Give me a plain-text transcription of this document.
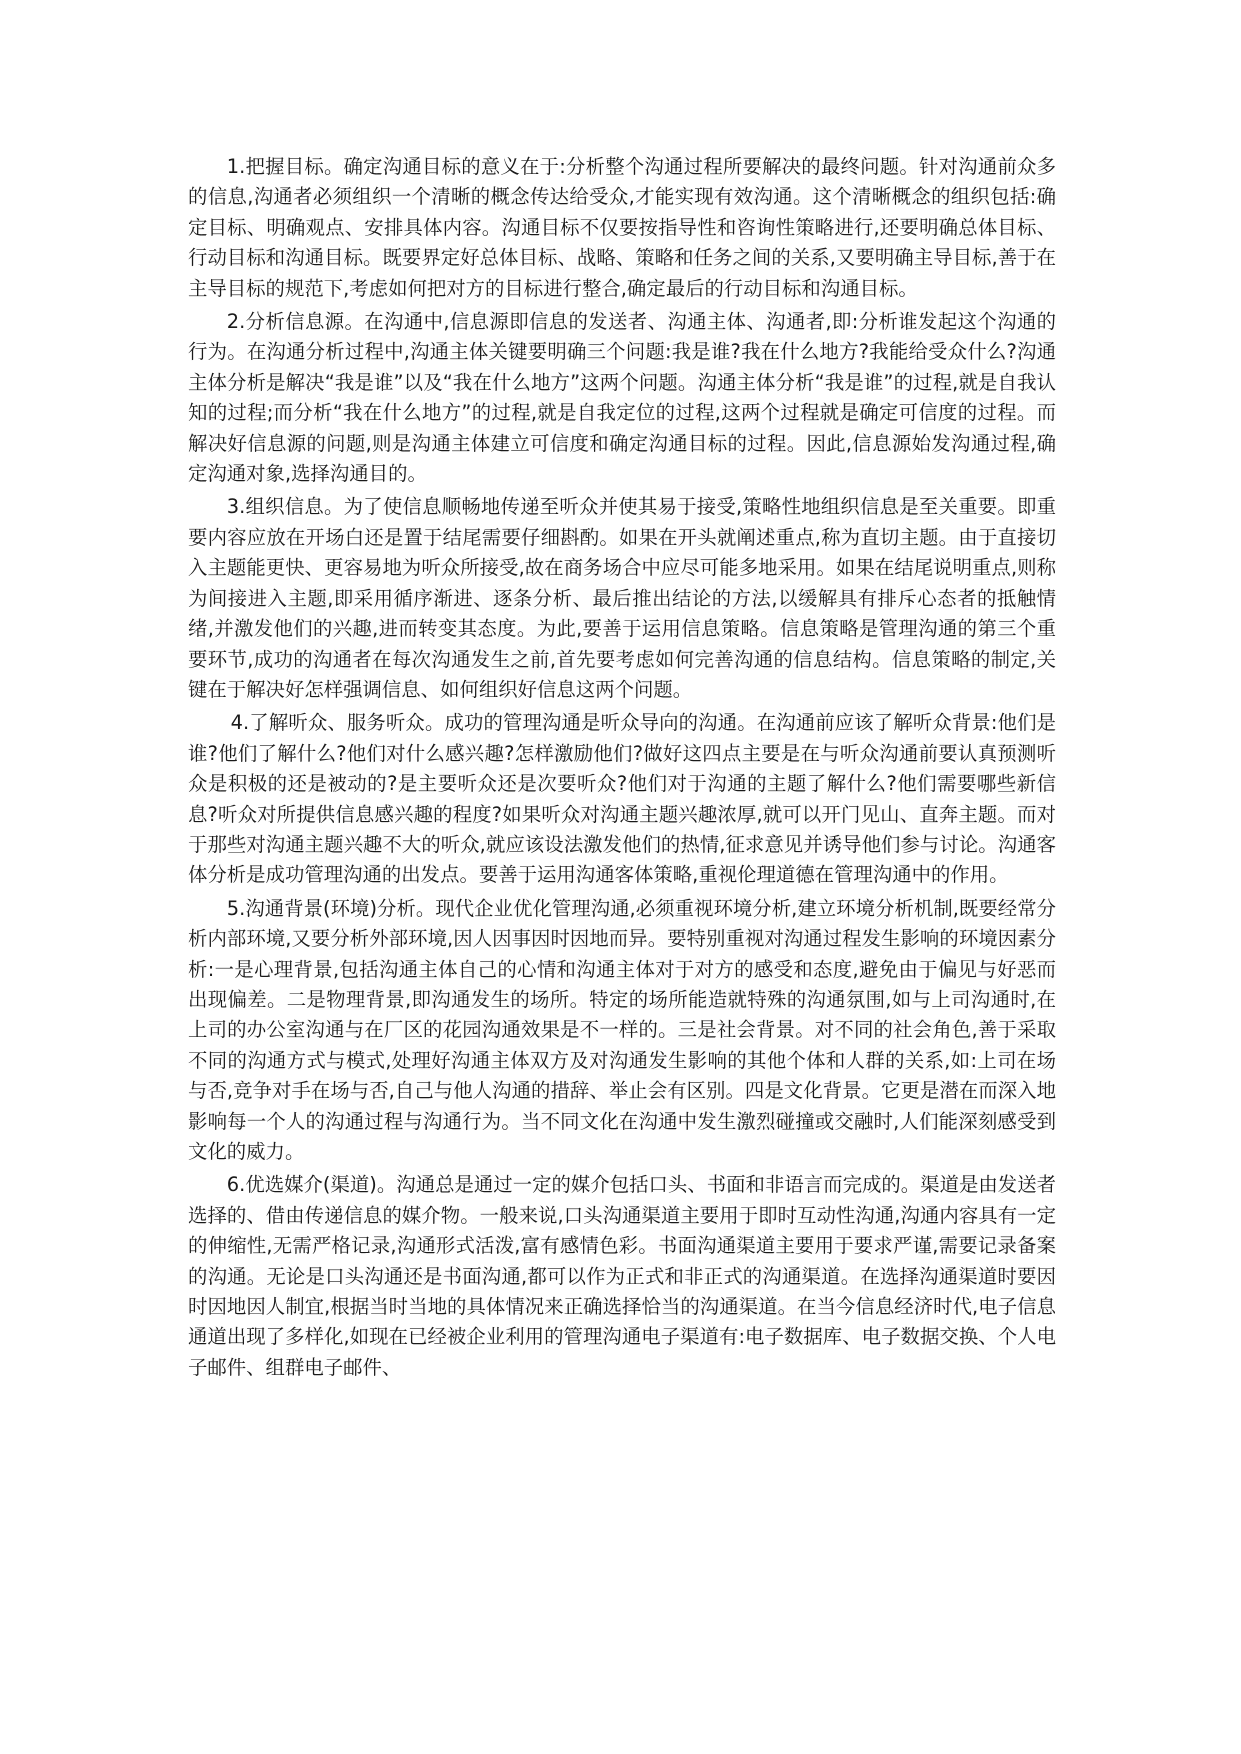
1.把握目标。确定沟通目标的意义在于:分析整个沟通过程所要解决的最终问题。针对沟通前众多的信息,沟通者必须组织一个清晰的概念传达给受众,才能实现有效沟通。这个清晰概念的组织包括:确定目标、明确观点、安排具体内容。沟通目标不仅要按指导性和咨询性策略进行,还要明确总体目标、行动目标和沟通目标。既要界定好总体目标、战略、策略和任务之间的关系,又要明确主导目标,善于在主导目标的规范下,考虑如何把对方的目标进行整合,确定最后的行动目标和沟通目标。

2.分析信息源。在沟通中,信息源即信息的发送者、沟通主体、沟通者,即:分析谁发起这个沟通的行为。在沟通分析过程中,沟通主体关键要明确三个问题:我是谁?我在什么地方?我能给受众什么?沟通主体分析是解决“我是谁”以及“我在什么地方”这两个问题。沟通主体分析“我是谁”的过程,就是自我认知的过程;而分析“我在什么地方”的过程,就是自我定位的过程,这两个过程就是确定可信度的过程。而解决好信息源的问题,则是沟通主体建立可信度和确定沟通目标的过程。因此,信息源始发沟通过程,确定沟通对象,选择沟通目的。

3.组织信息。为了使信息顺畅地传递至听众并使其易于接受,策略性地组织信息是至关重要。即重要内容应放在开场白还是置于结尾需要仔细斟酌。如果在开头就阐述重点,称为直切主题。由于直接切入主题能更快、更容易地为听众所接受,故在商务场合中应尽可能多地采用。如果在结尾说明重点,则称为间接进入主题,即采用循序渐进、逐条分析、最后推出结论的方法,以缓解具有排斥心态者的抵触情绪,并激发他们的兴趣,进而转变其态度。为此,要善于运用信息策略。信息策略是管理沟通的第三个重要环节,成功的沟通者在每次沟通发生之前,首先要考虑如何完善沟通的信息结构。信息策略的制定,关键在于解决好怎样强调信息、如何组织好信息这两个问题。

4.了解听众、服务听众。成功的管理沟通是听众导向的沟通。在沟通前应该了解听众背景:他们是谁?他们了解什么?他们对什么感兴趣?怎样激励他们?做好这四点主要是在与听众沟通前要认真预测听众是积极的还是被动的?是主要听众还是次要听众?他们对于沟通的主题了解什么?他们需要哪些新信息?听众对所提供信息感兴趣的程度?如果听众对沟通主题兴趣浓厚,就可以开门见山、直奔主题。而对于那些对沟通主题兴趣不大的听众,就应该设法激发他们的热情,征求意见并诱导他们参与讨论。沟通客体分析是成功管理沟通的出发点。要善于运用沟通客体策略,重视伦理道德在管理沟通中的作用。

5.沟通背景(环境)分析。现代企业优化管理沟通,必须重视环境分析,建立环境分析机制,既要经常分析内部环境,又要分析外部环境,因人因事因时因地而异。要特别重视对沟通过程发生影响的环境因素分析:一是心理背景,包括沟通主体自己的心情和沟通主体对于对方的感受和态度,避免由于偏见与好恶而出现偏差。二是物理背景,即沟通发生的场所。特定的场所能造就特殊的沟通氛围,如与上司沟通时,在上司的办公室沟通与在厂区的花园沟通效果是不一样的。三是社会背景。对不同的社会角色,善于采取不同的沟通方式与模式,处理好沟通主体双方及对沟通发生影响的其他个体和人群的关系,如:上司在场与否,竞争对手在场与否,自己与他人沟通的措辞、举止会有区别。四是文化背景。它更是潜在而深入地影响每一个人的沟通过程与沟通行为。当不同文化在沟通中发生激烈碰撞或交融时,人们能深刻感受到文化的威力。

6.优选媒介(渠道)。沟通总是通过一定的媒介包括口头、书面和非语言而完成的。渠道是由发送者选择的、借由传递信息的媒介物。一般来说,口头沟通渠道主要用于即时互动性沟通,沟通内容具有一定的伸缩性,无需严格记录,沟通形式活泼,富有感情色彩。书面沟通渠道主要用于要求严谨,需要记录备案的沟通。无论是口头沟通还是书面沟通,都可以作为正式和非正式的沟通渠道。在选择沟通渠道时要因时因地因人制宜,根据当时当地的具体情况来正确选择恰当的沟通渠道。在当今信息经济时代,电子信息通道出现了多样化,如现在已经被企业利用的管理沟通电子渠道有:电子数据库、电子数据交换、个人电子邮件、组群电子邮件、
